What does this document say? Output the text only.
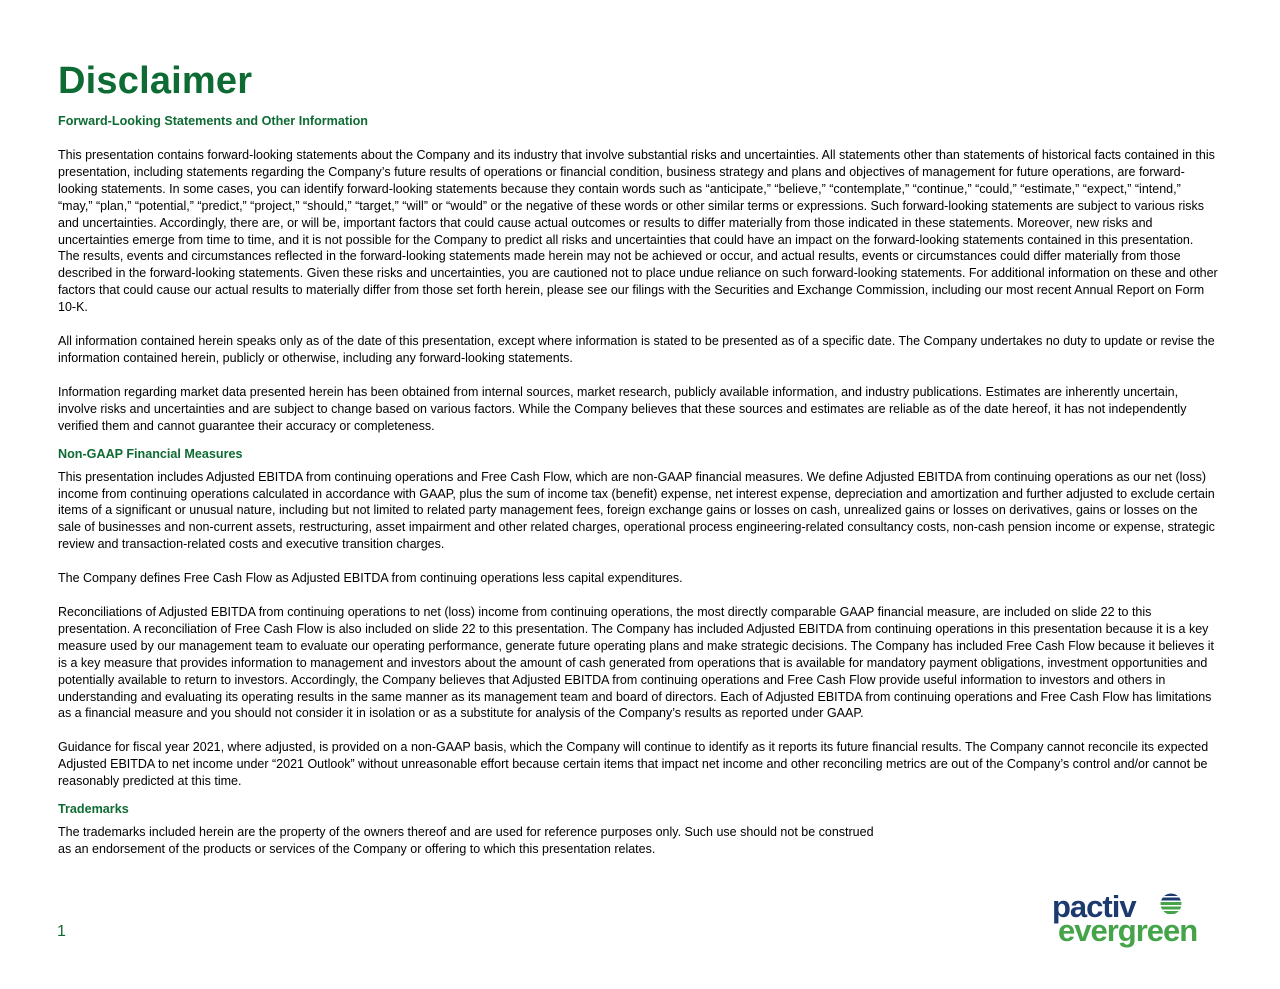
Disclaimer
Forward-Looking Statements and Other Information

This presentation contains forward-looking statements about the Company and its industry that involve substantial risks and uncertainties. All statements other than statements of historical facts contained in this presentation, including statements regarding the Company’s future results of operations or financial condition, business strategy and plans and objectives of management for future operations, are forward-looking statements. In some cases, you can identify forward-looking statements because they contain words such as “anticipate,” “believe,” “contemplate,” “continue,” “could,” “estimate,” “expect,” “intend,” “may,” “plan,” “potential,” “predict,” “project,” “should,” “target,” “will” or “would” or the negative of these words or other similar terms or expressions. Such forward-looking statements are subject to various risks and uncertainties. Accordingly, there are, or will be, important factors that could cause actual outcomes or results to differ materially from those indicated in these statements. Moreover, new risks and uncertainties emerge from time to time, and it is not possible for the Company to predict all risks and uncertainties that could have an impact on the forward-looking statements contained in this presentation. The results, events and circumstances reflected in the forward-looking statements made herein may not be achieved or occur, and actual results, events or circumstances could differ materially from those described in the forward-looking statements. Given these risks and uncertainties, you are cautioned not to place undue reliance on such forward-looking statements. For additional information on these and other factors that could cause our actual results to materially differ from those set forth herein, please see our filings with the Securities and Exchange Commission, including our most recent Annual Report on Form 10-K.

All information contained herein speaks only as of the date of this presentation, except where information is stated to be presented as of a specific date. The Company undertakes no duty to update or revise the information contained herein, publicly or otherwise, including any forward-looking statements.

Information regarding market data presented herein has been obtained from internal sources, market research, publicly available information, and industry publications. Estimates are inherently uncertain, involve risks and uncertainties and are subject to change based on various factors. While the Company believes that these sources and estimates are reliable as of the date hereof, it has not independently verified them and cannot guarantee their accuracy or completeness.

Non-GAAP Financial Measures

This presentation includes Adjusted EBITDA from continuing operations and Free Cash Flow, which are non-GAAP financial measures. We define Adjusted EBITDA from continuing operations as our net (loss) income from continuing operations calculated in accordance with GAAP, plus the sum of income tax (benefit) expense, net interest expense, depreciation and amortization and further adjusted to exclude certain items of a significant or unusual nature, including but not limited to related party management fees, foreign exchange gains or losses on cash, unrealized gains or losses on derivatives, gains or losses on the sale of businesses and non-current assets, restructuring, asset impairment and other related charges, operational process engineering-related consultancy costs, non-cash pension income or expense, strategic review and transaction-related costs and executive transition charges.

The Company defines Free Cash Flow as Adjusted EBITDA from continuing operations less capital expenditures.

Reconciliations of Adjusted EBITDA from continuing operations to net (loss) income from continuing operations, the most directly comparable GAAP financial measure, are included on slide 22 to this presentation. A reconciliation of Free Cash Flow is also included on slide 22 to this presentation. The Company has included Adjusted EBITDA from continuing operations in this presentation because it is a key measure used by our management team to evaluate our operating performance, generate future operating plans and make strategic decisions. The Company has included Free Cash Flow because it believes it is a key measure that provides information to management and investors about the amount of cash generated from operations that is available for mandatory payment obligations, investment opportunities and potentially available to return to investors. Accordingly, the Company believes that Adjusted EBITDA from continuing operations and Free Cash Flow provide useful information to investors and others in understanding and evaluating its operating results in the same manner as its management team and board of directors. Each of Adjusted EBITDA from continuing operations and Free Cash Flow has limitations as a financial measure and you should not consider it in isolation or as a substitute for analysis of the Company’s results as reported under GAAP.

Guidance for fiscal year 2021, where adjusted, is provided on a non-GAAP basis, which the Company will continue to identify as it reports its future financial results. The Company cannot reconcile its expected Adjusted EBITDA to net income under “2021 Outlook” without unreasonable effort because certain items that impact net income and other reconciling metrics are out of the Company’s control and/or cannot be reasonably predicted at this time.

Trademarks

The trademarks included herein are the property of the owners thereof and are used for reference purposes only. Such use should not be construed
as an endorsement of the products or services of the Company or offering to which this presentation relates.

1
pactiv
evergreen
